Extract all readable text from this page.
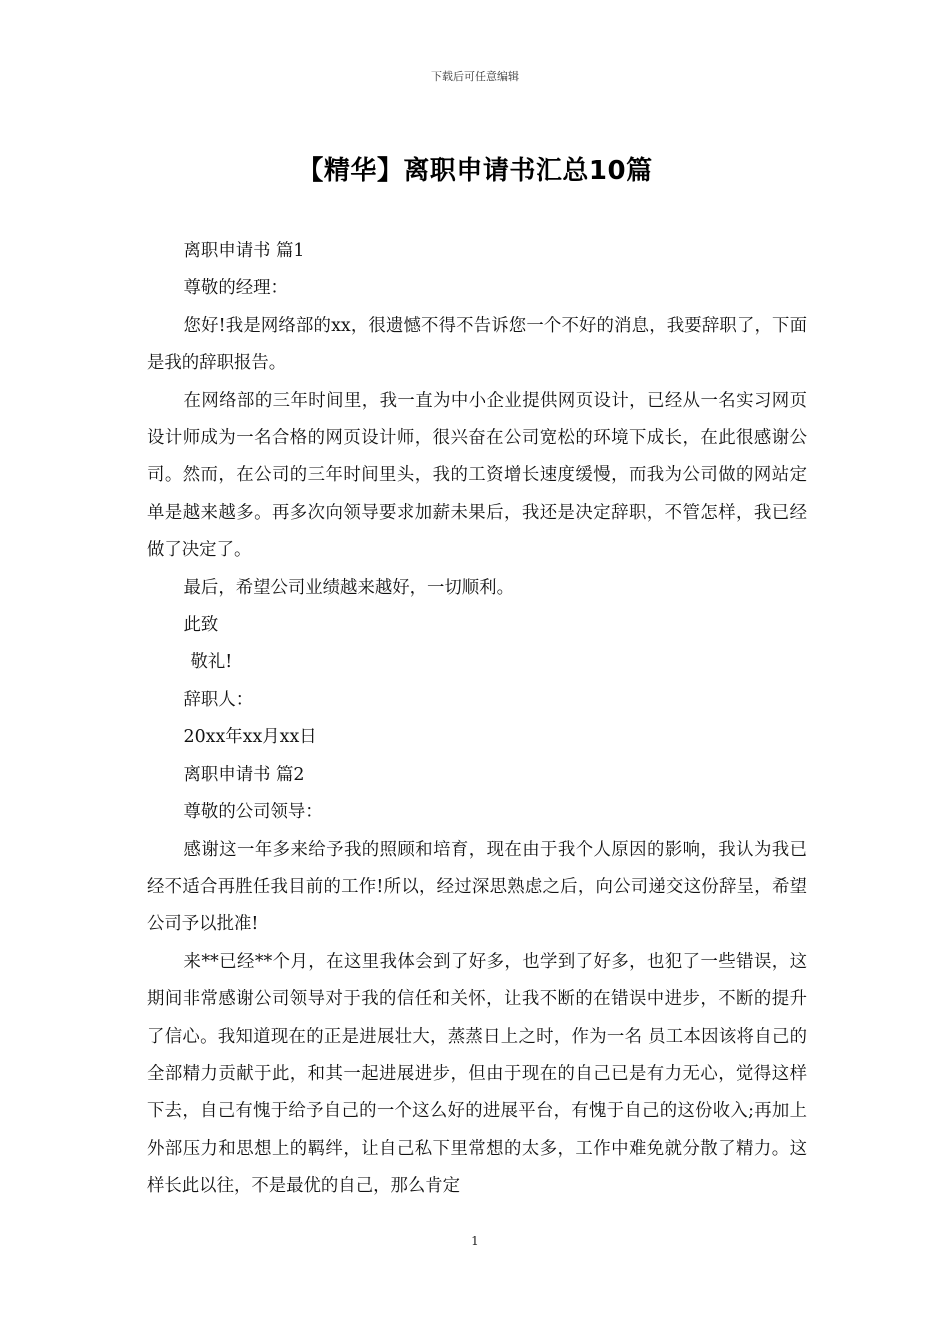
下载后可任意编辑
【精华】离职申请书汇总10篇

离职申请书 篇1

尊敬的经理：

您好!我是网络部的xx，很遗憾不得不告诉您一个不好的消息，我要辞职了，下面是我的辞职报告。

在网络部的三年时间里，我一直为中小企业提供网页设计，已经从一名实习网页设计师成为一名合格的网页设计师，很兴奋在公司宽松的环境下成长，在此很感谢公司。然而，在公司的三年时间里头，我的工资增长速度缓慢，而我为公司做的网站定单是越来越多。再多次向领导要求加薪未果后，我还是决定辞职，不管怎样，我已经做了决定了。

最后，希望公司业绩越来越好，一切顺利。

此致

敬礼!

辞职人：

20xx年xx月xx日

离职申请书 篇2

尊敬的公司领导：

感谢这一年多来给予我的照顾和培育，现在由于我个人原因的影响，我认为我已经不适合再胜任我目前的工作!所以，经过深思熟虑之后，向公司递交这份辞呈，希望公司予以批准!

来**已经**个月，在这里我体会到了好多，也学到了好多，也犯了一些错误，这期间非常感谢公司领导对于我的信任和关怀，让我不断的在错误中进步，不断的提升了信心。我知道现在的正是进展壮大，蒸蒸日上之时，作为一名 员工本因该将自己的全部精力贡献于此，和其一起进展进步，但由于现在的自己已是有力无心，觉得这样下去，自己有愧于给予自己的一个这么好的进展平台，有愧于自己的这份收入;再加上外部压力和思想上的羁绊，让自己私下里常想的太多，工作中难免就分散了精力。这样长此以往，不是最优的自己，那么肯定

1
